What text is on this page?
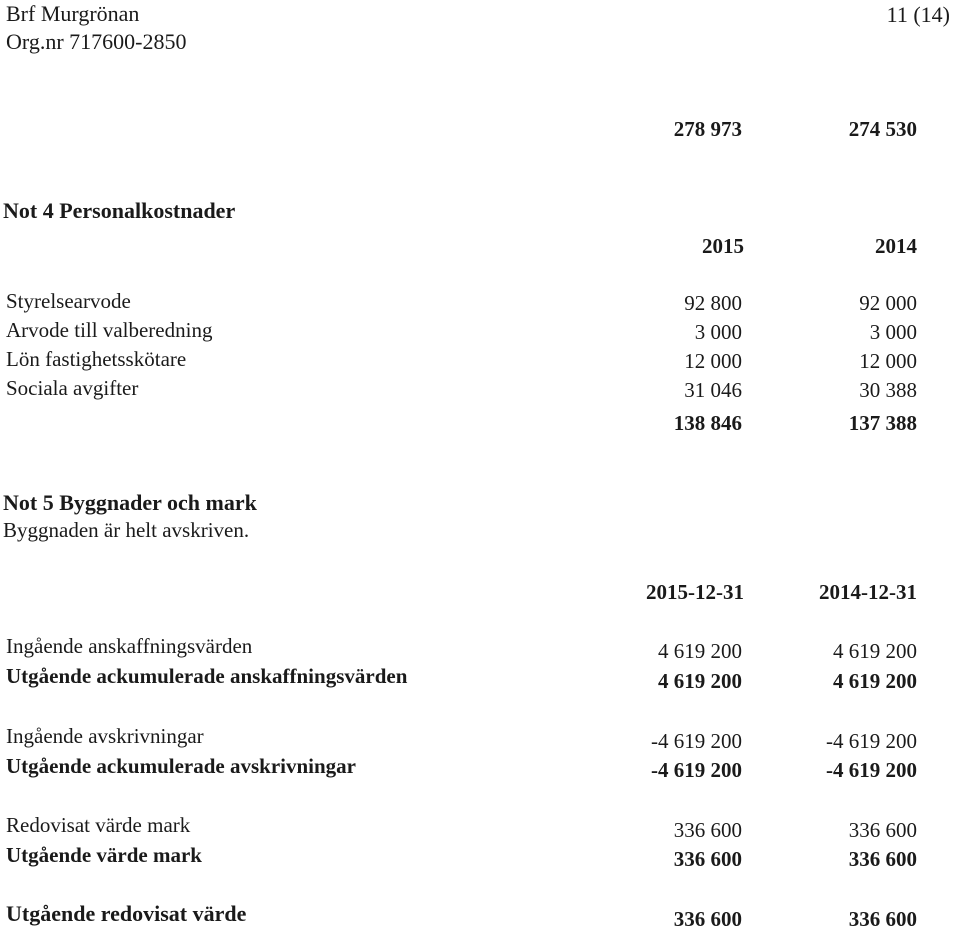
Brf Murgrönan
Org.nr 717600-2850
11 (14)
278 973	274 530
Not 4 Personalkostnader
2015	2014
Styrelsearvode	92 800	92 000
Arvode till valberedning	3 000	3 000
Lön fastighetsskötare	12 000	12 000
Sociala avgifter	31 046	30 388
138 846	137 388
Not 5 Byggnader och mark
Byggnaden är helt avskriven.
2015-12-31	2014-12-31
Ingående anskaffningsvärden	4 619 200	4 619 200
Utgående ackumulerade anskaffningsvärden	4 619 200	4 619 200
Ingående avskrivningar	-4 619 200	-4 619 200
Utgående ackumulerade avskrivningar	-4 619 200	-4 619 200
Redovisat värde mark	336 600	336 600
Utgående värde mark	336 600	336 600
Utgående redovisat värde	336 600	336 600
